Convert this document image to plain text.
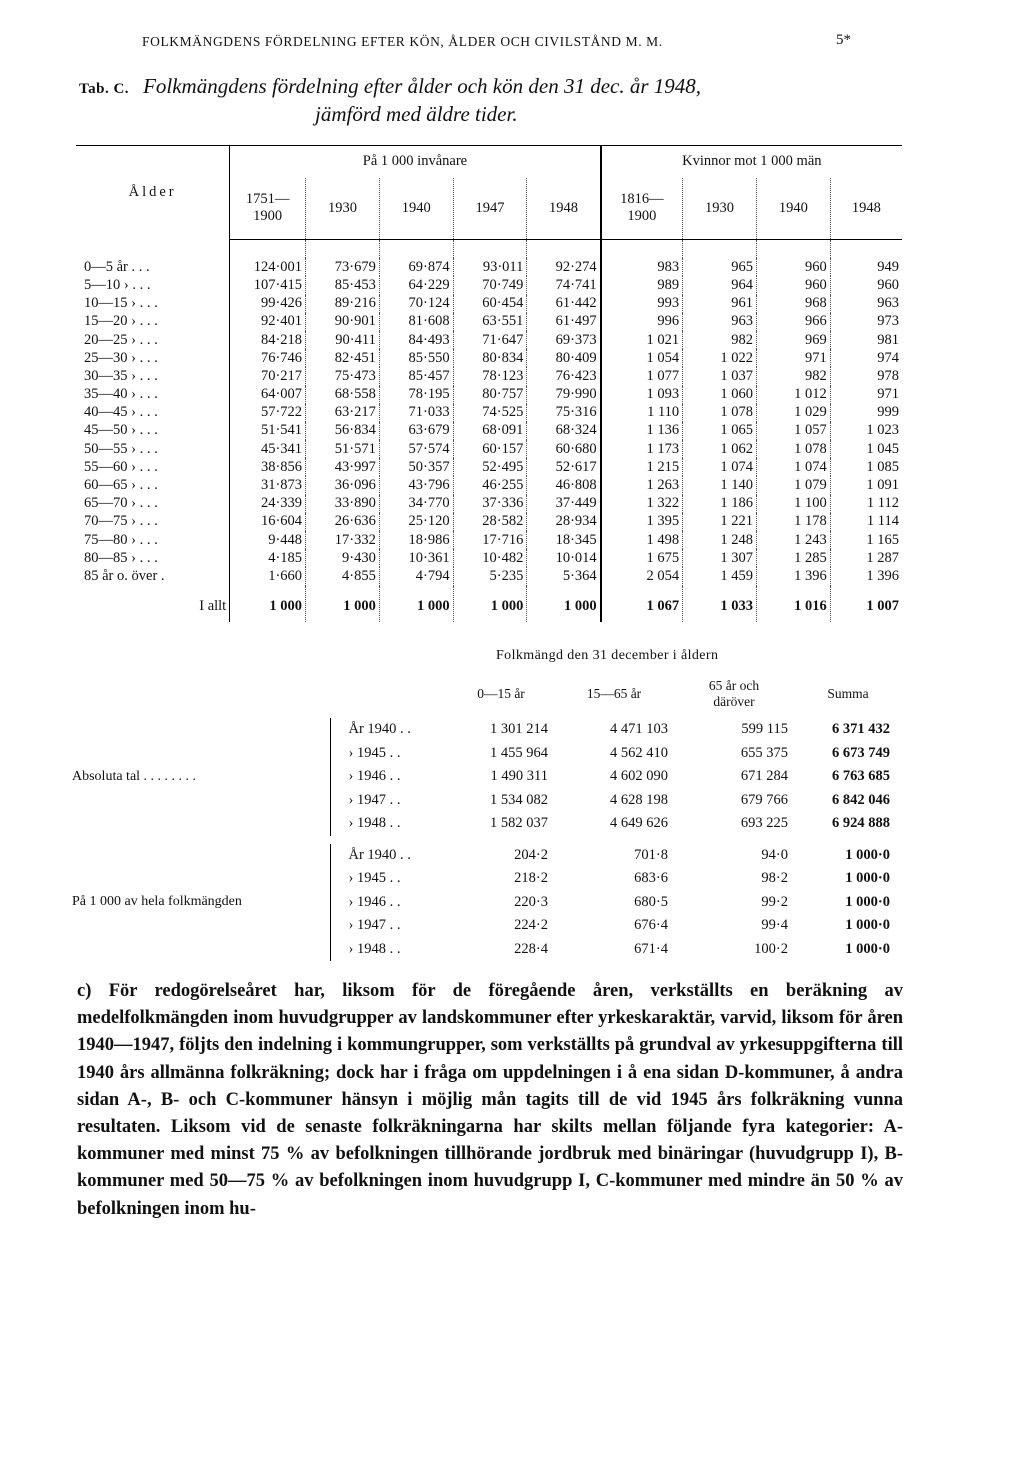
FOLKMÄNGDENS FÖRDELNING EFTER KÖN, ÅLDER OCH CIVILSTÅND M. M.	5*
Tab. C. Folkmängdens fördelning efter ålder och kön den 31 dec. år 1948,
jämförd med äldre tider.
Ålder	På 1 000 invånare					Kvinnor mot 1 000 män			
	1751—
1900	1930	1940	1947	1948	1816—
1900	1930	1940	1948

0—5 år . . .	124·001	73·679	69·874	93·011	92·274	983	965	960	949
5—10 › . . .	107·415	85·453	64·229	70·749	74·741	989	964	960	960
10—15 › . . .	99·426	89·216	70·124	60·454	61·442	993	961	968	963
15—20 › . . .	92·401	90·901	81·608	63·551	61·497	996	963	966	973
20—25 › . . .	84·218	90·411	84·493	71·647	69·373	1 021	982	969	981
25—30 › . . .	76·746	82·451	85·550	80·834	80·409	1 054	1 022	971	974
30—35 › . . .	70·217	75·473	85·457	78·123	76·423	1 077	1 037	982	978
35—40 › . . .	64·007	68·558	78·195	80·757	79·990	1 093	1 060	1 012	971
40—45 › . . .	57·722	63·217	71·033	74·525	75·316	1 110	1 078	1 029	999
45—50 › . . .	51·541	56·834	63·679	68·091	68·324	1 136	1 065	1 057	1 023
50—55 › . . .	45·341	51·571	57·574	60·157	60·680	1 173	1 062	1 078	1 045
55—60 › . . .	38·856	43·997	50·357	52·495	52·617	1 215	1 074	1 074	1 085
60—65 › . . .	31·873	36·096	43·796	46·255	46·808	1 263	1 140	1 079	1 091
65—70 › . . .	24·339	33·890	34·770	37·336	37·449	1 322	1 186	1 100	1 112
70—75 › . . .	16·604	26·636	25·120	28·582	28·934	1 395	1 221	1 178	1 114
75—80 › . . .	9·448	17·332	18·986	17·716	18·345	1 498	1 248	1 243	1 165
80—85 › . . .	4·185	9·430	10·361	10·482	10·014	1 675	1 307	1 285	1 287
85 år o. över .	1·660	4·855	4·794	5·235	5·364	2 054	1 459	1 396	1 396
I allt	1 000	1 000	1 000	1 000	1 000	1 067	1 033	1 016	1 007
Folkmängd den 31 december i åldern
		0—15 år	15—65 år	65 år och
däröver	Summa
Absoluta tal . . . . . . . .	År 1940 . .	1 301 214	4 471 103	599 115	6 371 432
	› 1945 . .	1 455 964	4 562 410	655 375	6 673 749
	› 1946 . .	1 490 311	4 602 090	671 284	6 763 685
	› 1947 . .	1 534 082	4 628 198	679 766	6 842 046
	› 1948 . .	1 582 037	4 649 626	693 225	6 924 888

På 1 000 av hela folkmängden	År 1940 . .	204·2	701·8	94·0	1 000·0
	› 1945 . .	218·2	683·6	98·2	1 000·0
	› 1946 . .	220·3	680·5	99·2	1 000·0
	› 1947 . .	224·2	676·4	99·4	1 000·0
	› 1948 . .	228·4	671·4	100·2	1 000·0
c) För redogörelseåret har, liksom för de föregående åren, verkställts en beräkning av medelfolkmängden inom huvudgrupper av landskommuner efter yrkeskaraktär, varvid, liksom för åren 1940—1947, följts den indelning i kommungrupper, som verkställts på grundval av yrkesuppgifterna till 1940 års allmänna folkräkning; dock har i fråga om uppdelningen i å ena sidan D-kommuner, å andra sidan A-, B- och C-kommuner hänsyn i möjlig mån tagits till de vid 1945 års folkräkning vunna resultaten. Liksom vid de senaste folkräkningarna har skilts mellan följande fyra kategorier: A-kommuner med minst 75 % av befolkningen tillhörande jordbruk med binäringar (huvudgrupp I), B-kommuner med 50—75 % av befolkningen inom huvudgrupp I, C-kommuner med mindre än 50 % av befolkningen inom hu-
